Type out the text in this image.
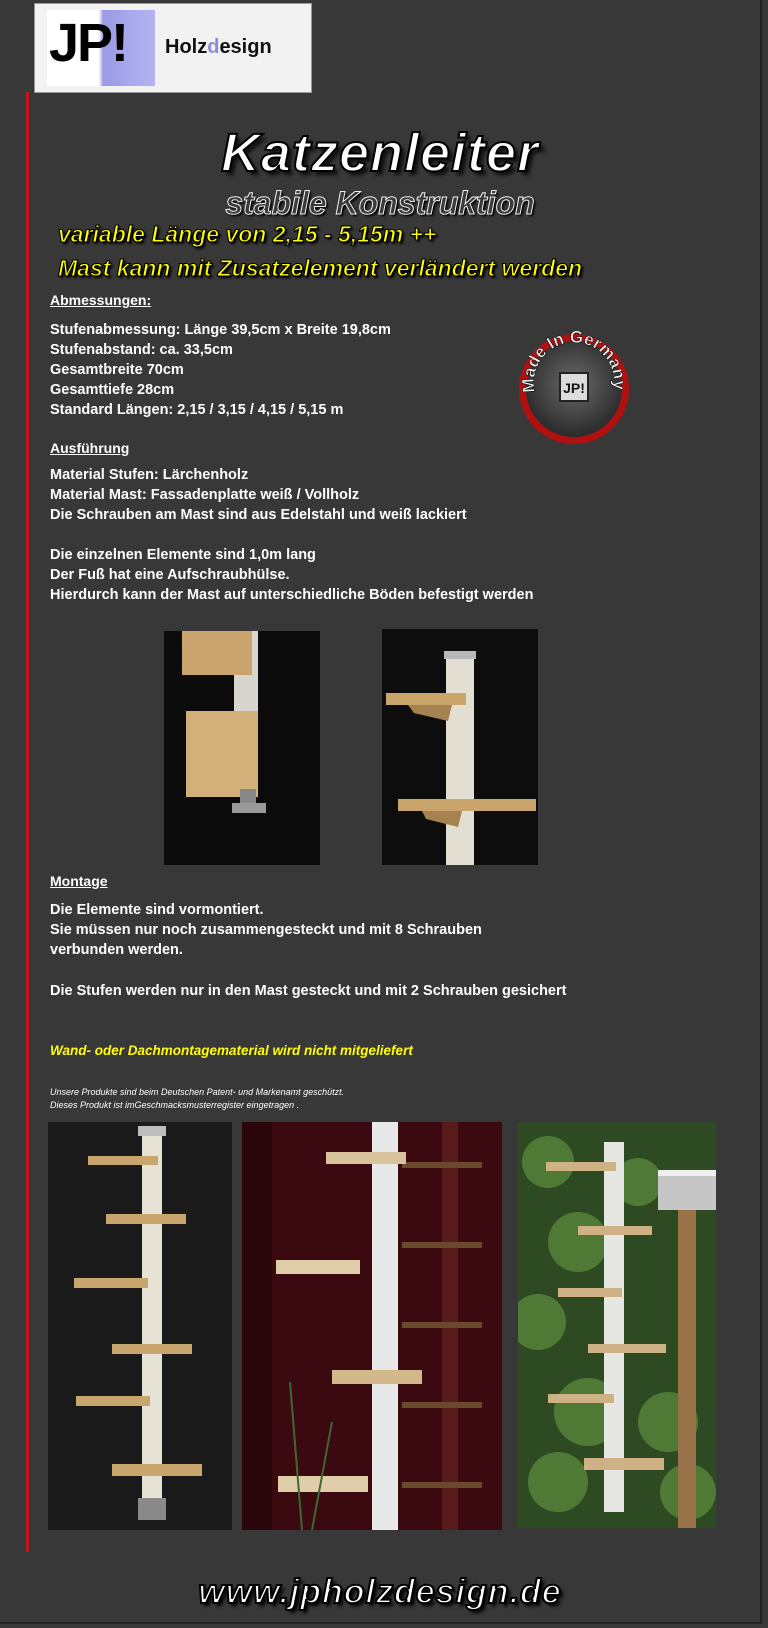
JP! Holzdesign
Katzenleiter
stabile Konstruktion
variable Länge von 2,15 - 5,15m ++
Mast kann mit Zusatzelement verländert werden
Abmessungen:
Stufenabmessung: Länge 39,5cm x Breite 19,8cm
Stufenabstand: ca. 33,5cm
Gesamtbreite 70cm
Gesamttiefe 28cm
Standard Längen: 2,15 / 3,15 / 4,15 / 5,15 m
JP!
Made In Germany
Ausführung
Material Stufen: Lärchenholz
Material Mast: Fassadenplatte weiß / Vollholz
Die Schrauben am Mast sind aus Edelstahl und weiß lackiert
Die einzelnen Elemente sind 1,0m lang
Der Fuß hat eine Aufschraubhülse.
Hierdurch kann der Mast auf unterschiedliche Böden befestigt werden
Montage
Die Elemente sind vormontiert.
Sie müssen nur noch zusammengesteckt und mit 8 Schrauben
verbunden werden.
Die Stufen werden nur in den Mast gesteckt und mit 2 Schrauben gesichert
Wand- oder Dachmontagematerial wird nicht mitgeliefert
Unsere Produkte sind beim Deutschen Patent- und Markenamt geschützt.
Dieses Produkt ist imGeschmacksmusterregister eingetragen .
www.jpholzdesign.de
